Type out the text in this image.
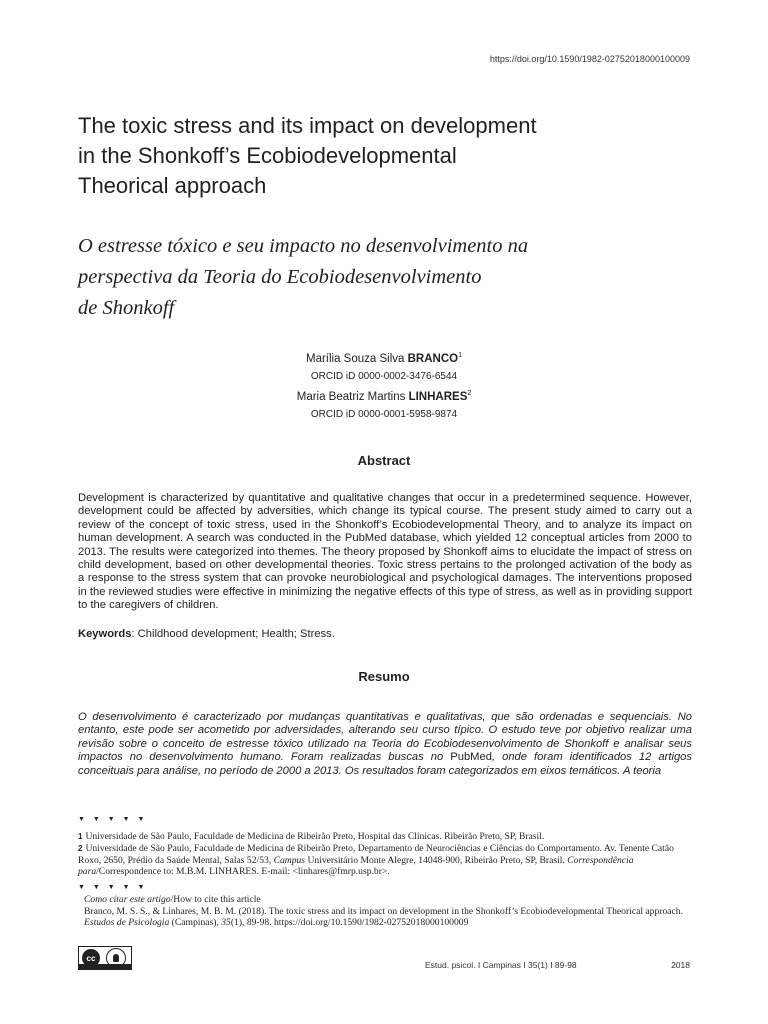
https://doi.org/10.1590/1982-02752018000100009
The toxic stress and its impact on development
in the Shonkoff’s Ecobiodevelopmental
Theorical approach
O estresse tóxico e seu impacto no desenvolvimento na
perspectiva da Teoria do Ecobiodesenvolvimento
de Shonkoff
Marília Souza Silva BRANCO$^1$
ORCID iD 0000-0002-3476-6544
Maria Beatriz Martins LINHARES$^2$
ORCID iD 0000-0001-5958-9874
Abstract

Development is characterized by quantitative and qualitative changes that occur in a predetermined sequence. However, development could be affected by adversities, which change its typical course. The present study aimed to carry out a review of the concept of toxic stress, used in the Shonkoff’s Ecobiodevelopmental Theory, and to analyze its impact on human development. A search was conducted in the PubMed database, which yielded 12 conceptual articles from 2000 to 2013. The results were categorized into themes. The theory proposed by Shonkoff aims to elucidate the impact of stress on child development, based on other developmental theories. Toxic stress pertains to the prolonged activation of the body as a response to the stress system that can provoke neurobiological and psychological damages. The interventions proposed in the reviewed studies were effective in minimizing the negative effects of this type of stress, as well as in providing support to the caregivers of children.

Keywords: Childhood development; Health; Stress.

Resumo

O desenvolvimento é caracterizado por mudanças quantitativas e qualitativas, que são ordenadas e sequenciais. No entanto, este pode ser acometido por adversidades, alterando seu curso típico. O estudo teve por objetivo realizar uma revisão sobre o conceito de estresse tóxico utilizado na Teoria do Ecobiodesenvolvimento de Shonkoff e analisar seus impactos no desenvolvimento humano. Foram realizadas buscas no PubMed, onde foram identificados 12 artigos conceituais para análise, no período de 2000 a 2013. Os resultados foram categorizados em eixos temáticos. A teoria

▼ ▼ ▼ ▼ ▼
$^1$ Universidade de São Paulo, Faculdade de Medicina de Ribeirão Preto, Hospital das Clínicas. Ribeirão Preto, SP, Brasil.
$^2$ Universidade de São Paulo, Faculdade de Medicina de Ribeirão Preto, Departamento de Neurociências e Ciências do Comportamento. Av. Tenente Catão Roxo, 2650, Prédio da Saúde Mental, Salas 52/53, Campus Universitário Monte Alegre, 14048-900, Ribeirão Preto, SP, Brasil. Correspondência para/Correspondence to: M.B.M. LINHARES. E-mail: <linhares@fmrp.usp.br>.
▼ ▼ ▼ ▼ ▼
Como citar este artigo/How to cite this article
Branco, M. S. S., & Linhares, M. B. M. (2018). The toxic stress and its impact on development in the Shonkoff’s Ecobiodevelopmental Theorical approach. Estudos de Psicologia (Campinas), 35(1), 89-98. https://doi.org/10.1590/1982-02752018000100009
cc
Estud. psicol. I Campinas I 35(1) I 89-98	2018
